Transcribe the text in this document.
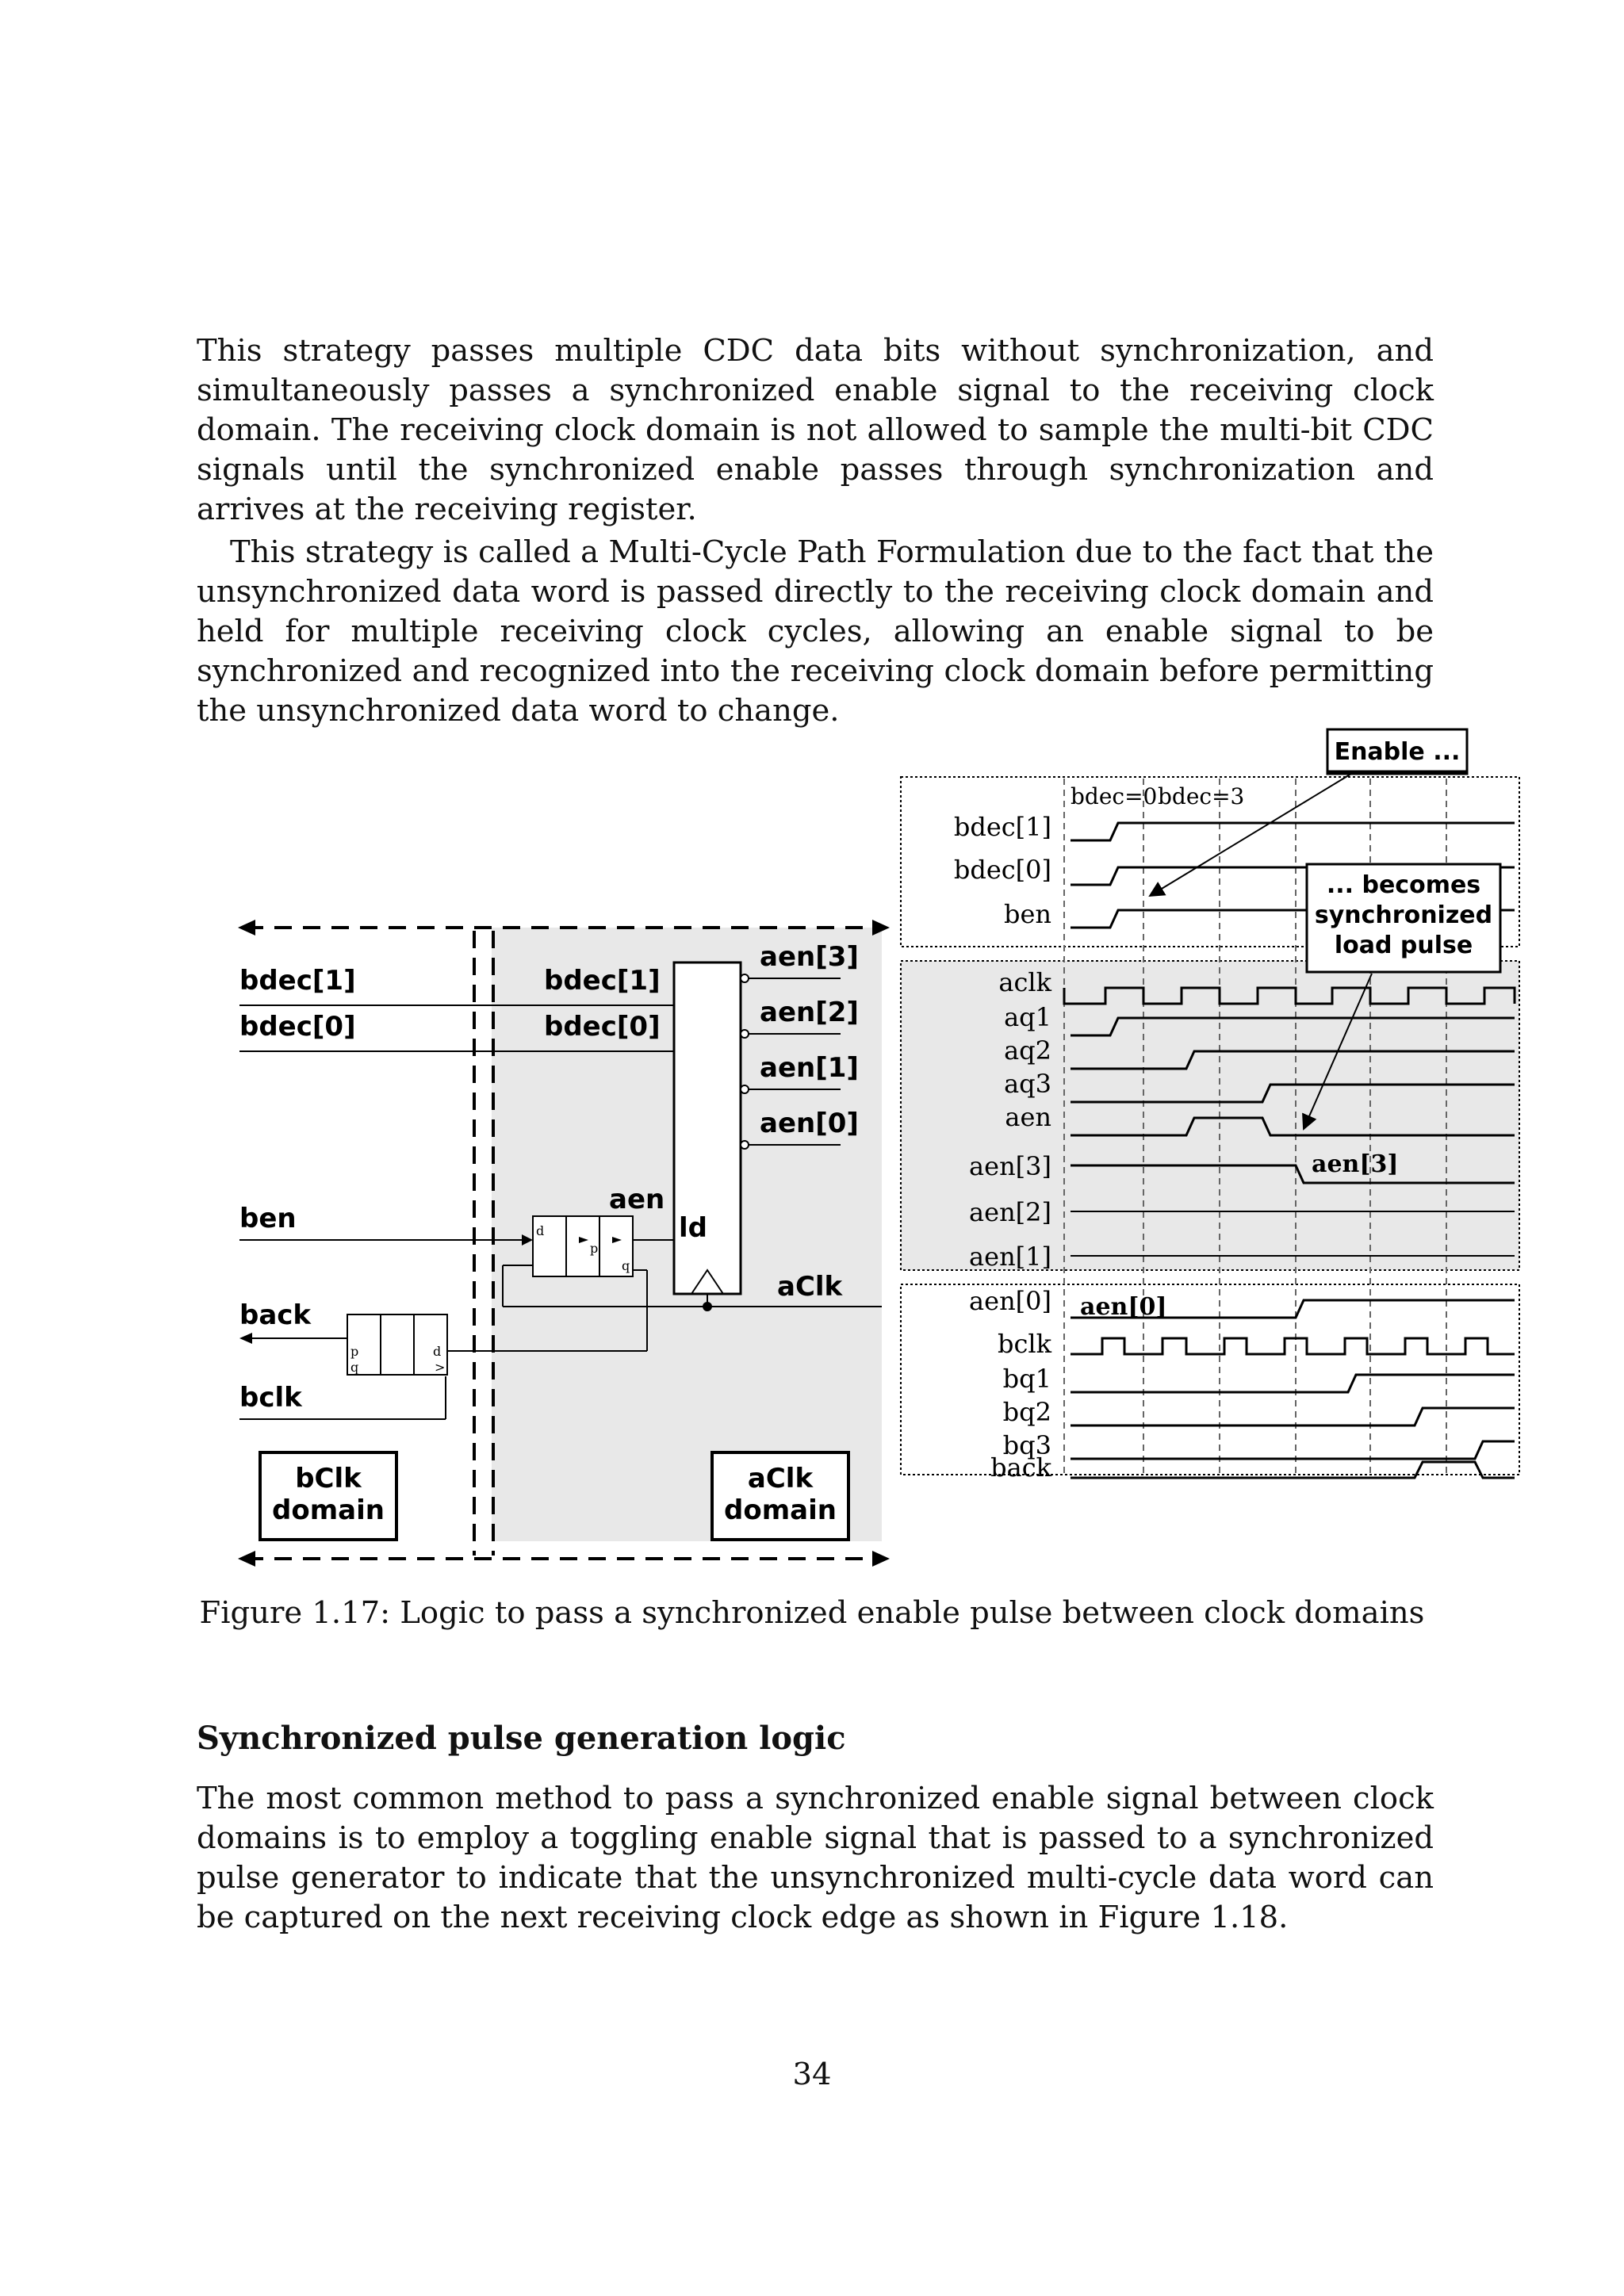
This strategy passes multiple CDC data bits without synchronization, and simultaneously passes a synchronized enable signal to the receiving clock domain. The receiving clock domain is not allowed to sample the multi-bit CDC signals until the synchronized enable passes through synchronization and arrives at the receiving register.

This strategy is called a Multi-Cycle Path Formulation due to the fact that the unsynchronized data word is passed directly to the receiving clock domain and held for multiple receiving clock cycles, allowing an enable signal to be synchronized and recognized into the receiving clock domain before permitting the unsynchronized data word to change.

bdec[1]
bdec[0]
ben
back
bclk
bdec[1]
bdec[0]
ld
aen[3]
aen[2]
aen[1]
aen[0]
d
p
q
aen
aClk
p
q
d
>
bClk
domain
aClk
domain
bdec[1]
bdec[0]
ben
bdec=0 bdec=3
aclk
aq1
aq2
aq3
aen
aen[3]
aen[2]
aen[1]
aen[0]
aen[3]
aen[0]
bclk
bq1
bq2
bq3
back
Enable ...
... becomes
synchronized
load pulse

Figure 1.17: Logic to pass a synchronized enable pulse between clock domains

Synchronized pulse generation logic

The most common method to pass a synchronized enable signal between clock domains is to employ a toggling enable signal that is passed to a synchronized pulse generator to indicate that the unsynchronized multi-cycle data word can be captured on the next receiving clock edge as shown in Figure 1.18.

34
